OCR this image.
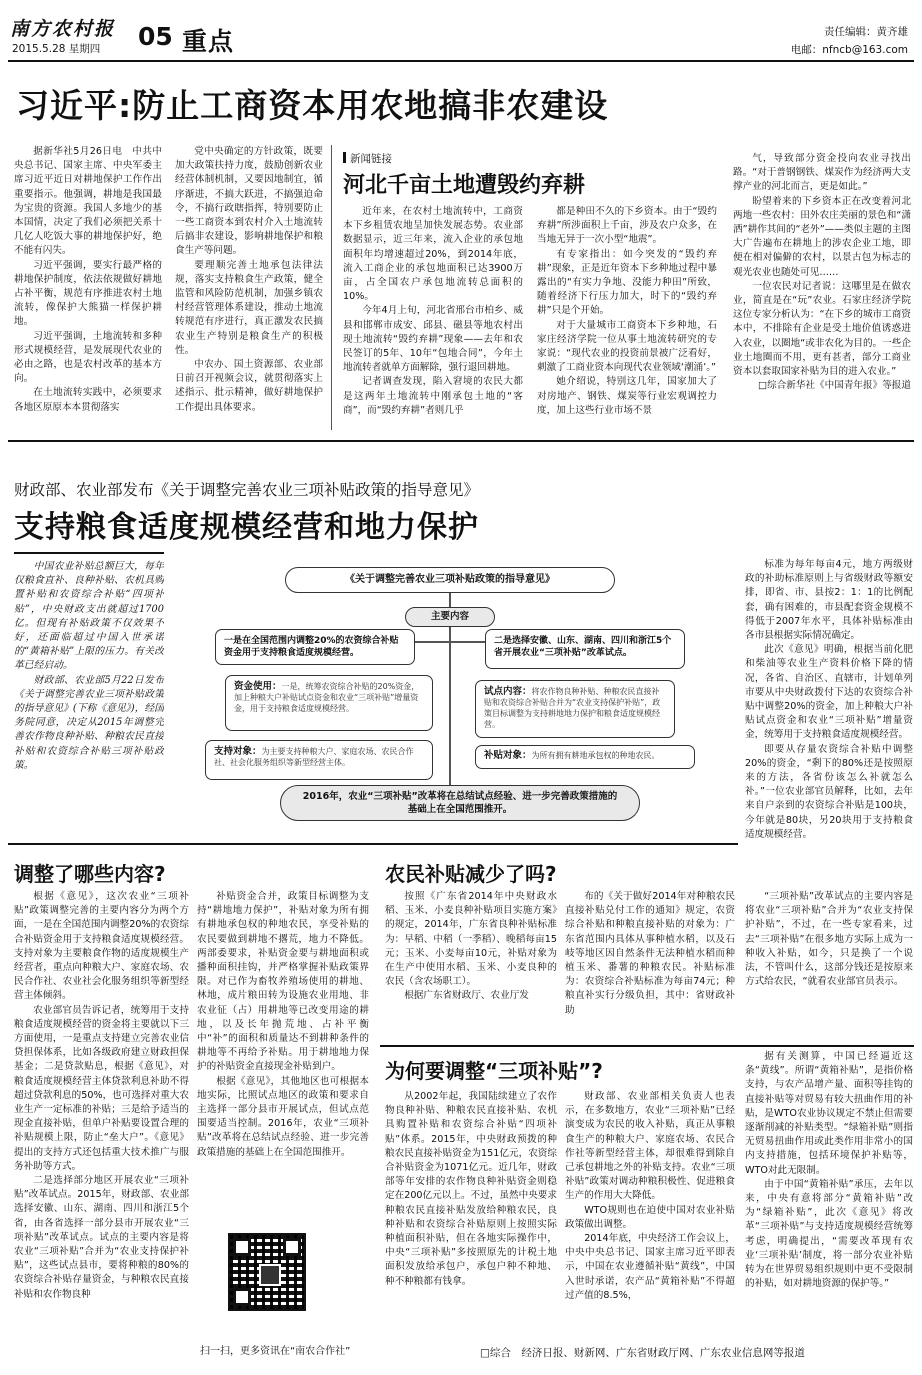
南方农村报
2015.5.28 星期四 05 重点	责任编辑：黄齐雄
电邮：nfncb@163.com
习近平:防止工商资本用农地搞非农建设

据新华社5月26日电　中共中央总书记、国家主席、中央军委主席习近平近日对耕地保护工作作出重要指示。他强调，耕地是我国最为宝贵的资源。我国人多地少的基本国情，决定了我们必须把关系十几亿人吃饭大事的耕地保护好，绝不能有闪失。

习近平强调，要实行最严格的耕地保护制度，依法依规做好耕地占补平衡，规范有序推进农村土地流转，像保护大熊猫一样保护耕地。

习近平强调，土地流转和多种形式规模经营，是发展现代农业的必由之路，也是农村改革的基本方向。

在土地流转实践中，必须要求各地区原原本本贯彻落实

党中央确定的方针政策，既要加大政策扶持力度，鼓励创新农业经营体制机制，又要因地制宜，循序渐进，不搞大跃进，不搞强迫命令，不搞行政瞎指挥，特别要防止一些工商资本到农村介入土地流转后搞非农建设，影响耕地保护和粮食生产等问题。

要理顺完善土地承包法律法规，落实支持粮食生产政策，健全监管和风险防范机制，加强乡镇农村经营管理体系建设，推动土地流转规范有序进行，真正激发农民搞农业生产特别是粮食生产的积极性。

中农办、国土资源部、农业部日前召开视频会议，就贯彻落实上述指示、批示精神，做好耕地保护工作提出具体要求。

新闻链接
河北千亩土地遭毁约弃耕

近年来，在农村土地流转中，工商资本下乡租赁农地呈加快发展态势。农业部数据显示，近三年来，流入企业的承包地面积年均增速超过20%，到2014年底，流入工商企业的承包地面积已达3900万亩，占全国农户承包地流转总面积的10%。

今年4月上旬，河北省邢台市柏乡、威县和邯郸市成安、邱县、磁县等地农村出现土地流转“毁约弃耕”现象——去年和农民签订的5年、10年“包地合同”，今年土地流转者就单方面解除，强行退回耕地。

记者调查发现，陷入窘境的农民大都是这两年土地流转中刚承包土地的“客商”，而“毁约弃耕”者则几乎

都是种田不久的下乡资本。由于“毁约弃耕”所涉面积上千亩，涉及农户众多，在当地无异于一次小型“地震”。

有专家指出：如今突发的“毁约弃耕”现象，正是近年资本下乡种地过程中暴露出的“有实力争地、没能力种田”所致，随着经济下行压力加大，时下的“毁约弃耕”只是个开始。

对于大量城市工商资本下乡种地，石家庄经济学院一位从事土地流转研究的专家说：“现代农业的投资前景被广泛看好，刺激了工商业资本向现代农业领域‘潮涌’。”

她介绍说，特别这几年，国家加大了对房地产、钢铁、煤炭等行业宏观调控力度，加上这些行业市场不景

气，导致部分资金投向农业寻找出路。“对于普钢钢铁、煤炭作为经济两大支撑产业的河北而言，更是如此。”

盼望着来的下乡资本正在改变着河北两地一些农村：田外农庄美丽的景色和“潇洒”耕作其间的“老外”——类似主题的主图大广告遍布在耕地上的涉农企业工地，即便在相对偏僻的农村，以景古包为标志的观光农业也随处可见……

一位农民对记者说：这哪里是在做农业，简直是在“玩”农业。石家庄经济学院这位专家分析认为：“在下乡的城市工商资本中，不排除有企业是受土地价值诱惑进入农业，以圈地“或非农化为目的。一些企业土地圈而不用，更有甚者，部分工商业资本以套取国家补贴为目的进入农业。”

□综合新华社《中国青年报》等报道

财政部、农业部发布《关于调整完善农业三项补贴政策的指导意见》
支持粮食适度规模经营和地力保护

中国农业补贴总额巨大，每年仅粮食直补、良种补贴、农机具购置补贴和农资综合补贴“四项补贴”，中央财政支出就超过1700亿。但现有补贴政策不仅效果不好，还面临超过中国入世承诺的“黄箱补贴”上限的压力。有关改革已经启动。

财政部、农业部5月22日发布《关于调整完善农业三项补贴政策的指导意见》(下称《意见》)，经国务院同意，决定从2015年调整完善农作物良种补贴、种粮农民直接补贴和农资综合补贴三项补贴政策。

《关于调整完善农业三项补贴政策的指导意见》
主要内容
一是在全国范围内调整20%的农资综合补贴资金用于支持粮食适度规模经营。
二是选择安徽、山东、湖南、四川和浙江5个省开展农业“三项补贴”改革试点。
资金使用：一是，统筹农资综合补贴的20%资金，加上种粮大户补贴试点资金和农业“三项补贴”增量资金，用于支持粮食适度规模经营。
试点内容：将农作物良种补贴、种粮农民直接补贴和农资综合补贴合并为“农业支持保护补贴”，政策目标调整为支持耕地地力保护和粮食适度规模经营。
支持对象：为主要支持种粮大户、家庭农场、农民合作社、社会化服务组织等新型经营主体。
补贴对象：为所有拥有耕地承包权的种地农民。
2016年，农业“三项补贴”改革将在总结试点经验、进一步完善政策措施的基础上在全国范围推开。

标准为每年每亩4元，地方两级财政的补助标准原则上与省级财政等额安排，即省、市、县按2：1：1的比例配套，确有困难的，市县配套资金规模不得低于2007年水平，具体补贴标准由各市县根据实际情况确定。

此次《意见》明确，根据当前化肥和柴油等农业生产资料价格下降的情况，各省、自治区、直辖市，计划单列市要从中央财政拨付下达的农资综合补贴中调整20%的资金，加上种粮大户补贴试点资金和农业“三项补贴”增量资金，统筹用于支持粮食适度规模经营。

即要从存量农资综合补贴中调整20%的资金，“剩下的80%还是按照原来的方法，各省份该怎么补就怎么补。”一位农业部官员解释，比如，去年来自户亲到的农资综合补贴是100块，今年就是80块，另20块用于支持粮食适度规模经营。

调整了哪些内容?

根据《意见》，这次农业“三项补贴”政策调整完善的主要内容分为两个方面，一是在全国范围内调整20%的农资综合补贴资金用于支持粮食适度规模经营。支持对象为主要粮食作物的适度规模生产经营者，重点向种粮大户、家庭农场、农民合作社、农业社会化服务组织等新型经营主体倾斜。

农业部官员告诉记者，统筹用于支持粮食适度规模经营的资金将主要就以下三方面使用，一是重点支持建立完善农业信贷担保体系，比如各级政府建立财政担保基金；二是贷款贴息，根据《意见》，对粮食适度规模经营主体贷款利息补助不得超过贷款利息的50%，也可选择对重大农业生产一定标准的补贴；三是给予适当的现金直接补贴，但单户补贴要设置合理的补贴规模上限，防止“垒大户”。《意见》提出的支持方式还包括重大技术推广与服务补助等方式。

二是选择部分地区开展农业“三项补贴”改革试点。2015年，财政部、农业部选择安徽、山东、湖南、四川和浙江5个省，由各省选择一部分县市开展农业“三项补贴”改革试点。试点的主要内容是将农业“三项补贴”合并为“农业支持保护补贴”，这些试点县市，要将种粮的80%的农资综合补贴存量资金，与种粮农民直接补贴和农作物良种

补贴资金合并，政策目标调整为支持“耕地地力保护”，补贴对象为所有拥有耕地承包权的种地农民，享受补贴的农民要做到耕地不撂荒，地力不降低。两部委要求，补贴资金要与耕地面积或播种面积挂钩，并严格掌握补贴政策界限。对已作为畜牧养殖场使用的耕地、林地，成片粮田转为设施农业用地、非农业征（占）用耕地等已改变用途的耕地，以及长年抛荒地、占补平衡中“补”的面积和质量达不到耕种条件的耕地等不再给予补贴。用于耕地地力保护的补贴资金直接现金补贴到户。

根据《意见》，其他地区也可根据本地实际，比照试点地区的政策和要求自主选择一部分县市开展试点，但试点范围要适当控制。2016年，农业“三项补贴”改革将在总结试点经验、进一步完善政策措施的基础上在全国范围推开。

扫一扫，更多资讯在“南农合作社”
农民补贴减少了吗?

按照《广东省2014年中央财政水稻、玉米、小麦良种补贴项目实施方案》的规定，2014年，广东省良种补贴标准为：早稻、中稻（一季稻）、晚稻每亩15元；玉米、小麦每亩10元，补贴对象为在生产中使用水稻、玉米、小麦良种的农民（含农场职工）。

根据广东省财政厅、农业厅发

布的《关于做好2014年对种粮农民直接补贴兑付工作的通知》规定，农资综合补贴和种粮直接补贴的对象为：广东省范围内具体从事种植水稻，以及石岐等地区因自然条件无法种植水稻而种植玉米、番薯的种粮农民。补贴标准为：农资综合补贴标准为每亩74元；种粮直补实行分级负担，其中：省财政补助

“三项补贴”改革试点的主要内容是将农业“三项补贴”合并为“农业支持保护补贴”，不过，在一些专家看来，过去“三项补贴”在很多地方实际上成为一种收入补贴，如今，只是换了一个说法，不管叫什么，这部分钱还是按原来方式给农民，“就看农业部官员表示。

为何要调整“三项补贴”?

从2002年起，我国陆续建立了农作物良种补贴、种粮农民直接补贴、农机具购置补贴和农资综合补贴“四项补贴”体系。2015年，中央财政预拨的种粮农民直接补贴资金为151亿元，农资综合补贴资金为1071亿元。近几年，财政部等年安排的农作物良种补贴资金则稳定在200亿元以上。不过，虽然中央要求种粮农民直接补贴发放给种粮农民，良种补贴和农资综合补贴原则上按照实际种植面积补贴，但在各地实际操作中，中央“三项补贴”多按照原先的计税土地面积发放给承包户，承包户种不种地、种不种粮都有钱拿。

财政部、农业部相关负责人也表示，在多数地方，农业“三项补贴”已经演变成为农民的收入补贴，真正从事粮食生产的种粮大户、家庭农场、农民合作社等新型经营主体，却很难得到除自己承包耕地之外的补贴支持。农业“三项补贴”政策对调动种粮积极性、促进粮食生产的作用大大降低。

WTO规则也在迫使中国对农业补贴政策做出调整。

2014年底，中央经济工作会议上，中央中央总书记、国家主席习近平即表示，中国在农业遵循补贴“黄线”，中国入世时承诺，农产品“黄箱补贴”不得超过产值的8.5%，

据有关测算，中国已经逼近这条“黄线”。所谓“黄箱补贴”，是指价格支持，与农产品增产量、面积等挂钩的直接补贴等对贸易有较大扭曲作用的补贴，是WTO农业协议规定不禁止但需要逐渐削减的补贴类型。“绿箱补贴”则指无贸易扭曲作用或此类作用非常小的国内支持措施，包括环境保护补贴等，WTO对此无限制。

由于中国“黄箱补贴”承压，去年以来，中央有意将部分“黄箱补贴”改为“绿箱补贴”，此次《意见》将改革“三项补贴”与支持适度规模经营统筹考虑，明确提出，“需要改革现有农业‘三项补贴’制度，将一部分农业补贴转为在世界贸易组织规则中更不受限制的补贴，如对耕地资源的保护等。”

□综合　经济日报、财新网、广东省财政厅网、广东农业信息网等报道
